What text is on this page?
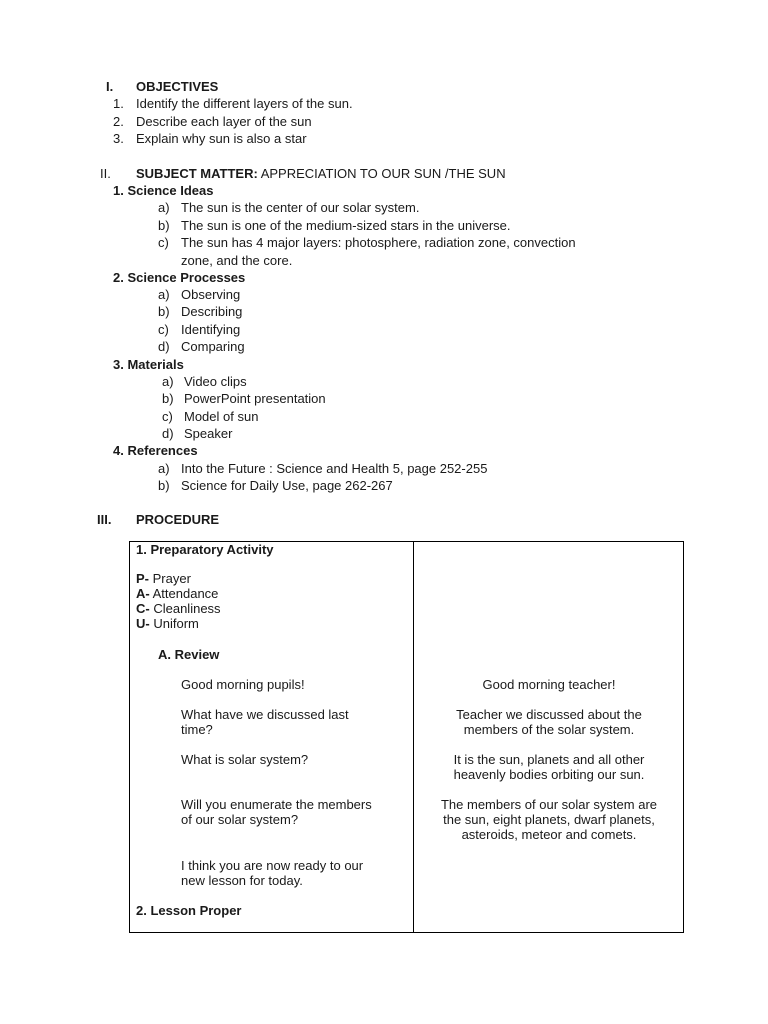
I. OBJECTIVES
1. Identify the different layers of the sun.
2. Describe each layer of the sun
3. Explain why sun is also a star
II. SUBJECT MATTER: APPRECIATION TO OUR SUN /THE SUN
1. Science Ideas
a) The sun is the center of our solar system.
b) The sun is one of the medium-sized stars in the universe.
c) The sun has 4 major layers: photosphere, radiation zone, convection
zone, and the core.
2. Science Processes
a) Observing
b) Describing
c) Identifying
d) Comparing
3. Materials
a) Video clips
b) PowerPoint presentation
c) Model of sun
d) Speaker
4. References
a) Into the Future : Science and Health 5, page 252-255
b) Science for Daily Use, page 262-267
III. PROCEDURE
1. Preparatory Activity
P- Prayer
A- Attendance
C- Cleanliness
U- Uniform
A. Review
Good morning pupils!
What have we discussed last
time?
What is solar system?
Will you enumerate the members
of our solar system?
I think you are now ready to our
new lesson for today.
2. Lesson Proper
Good morning teacher!
Teacher we discussed about the
members of the solar system.
It is the sun, planets and all other
heavenly bodies orbiting our sun.
The members of our solar system are
the sun, eight planets, dwarf planets,
asteroids, meteor and comets.
